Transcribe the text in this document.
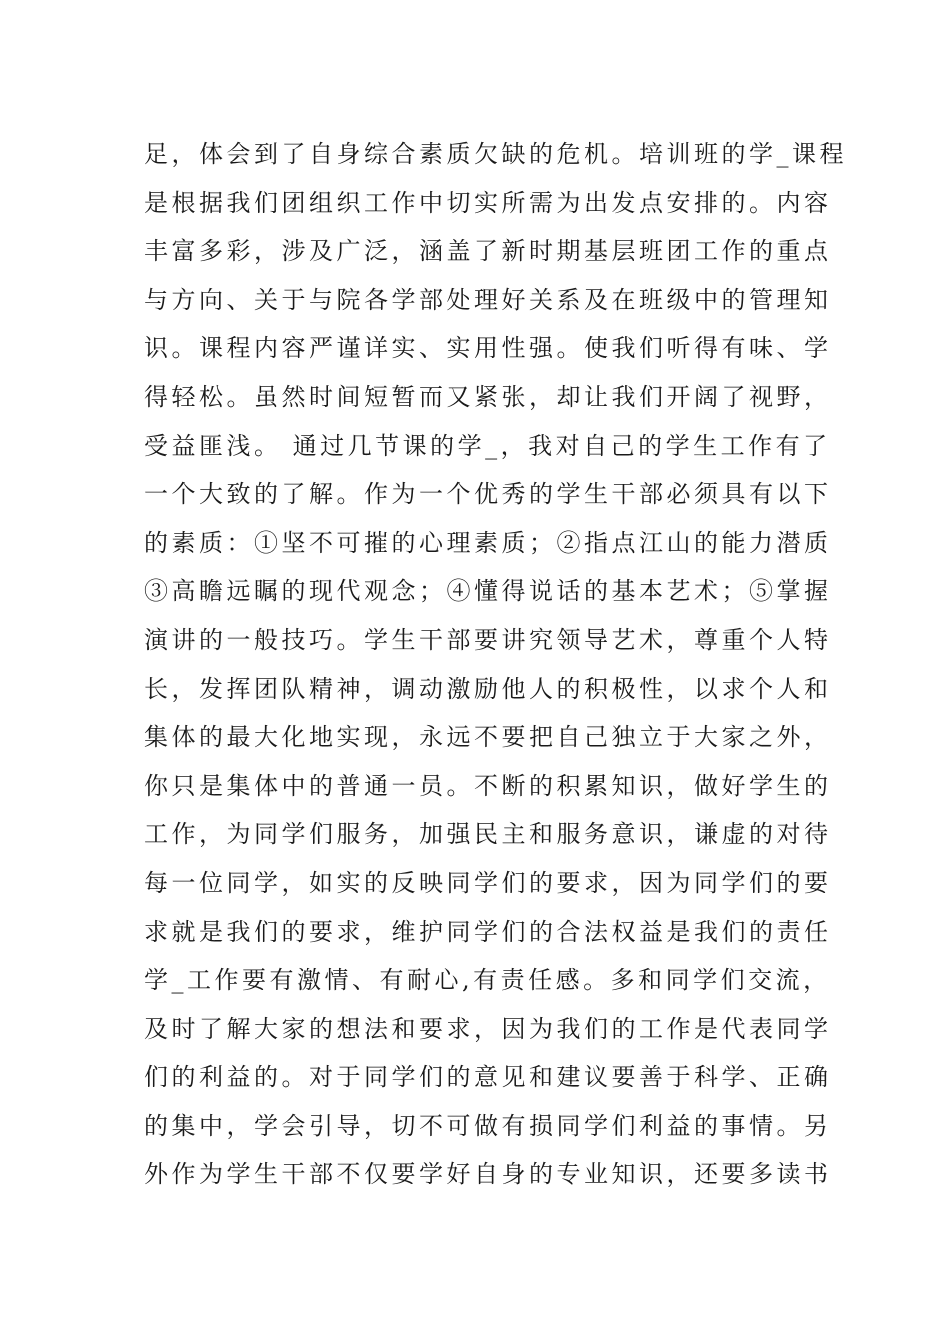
足，体会到了自身综合素质欠缺的危机。培训班的学_课程
是根据我们团组织工作中切实所需为出发点安排的。内容
丰富多彩，涉及广泛，涵盖了新时期基层班团工作的重点
与方向、关于与院各学部处理好关系及在班级中的管理知
识。课程内容严谨详实、实用性强。使我们听得有味、学
得轻松。虽然时间短暂而又紧张，却让我们开阔了视野，
受益匪浅。 通过几节课的学_，我对自己的学生工作有了
一个大致的了解。作为一个优秀的学生干部必须具有以下
的素质：①坚不可摧的心理素质；②指点江山的能力潜质
③高瞻远瞩的现代观念；④懂得说话的基本艺术；⑤掌握
演讲的一般技巧。学生干部要讲究领导艺术，尊重个人特
长，发挥团队精神，调动激励他人的积极性，以求个人和
集体的最大化地实现，永远不要把自己独立于大家之外，
你只是集体中的普通一员。不断的积累知识，做好学生的
工作，为同学们服务，加强民主和服务意识，谦虚的对待
每一位同学，如实的反映同学们的要求，因为同学们的要
求就是我们的要求，维护同学们的合法权益是我们的责任
学_工作要有激情、有耐心,有责任感。多和同学们交流，
及时了解大家的想法和要求，因为我们的工作是代表同学
们的利益的。对于同学们的意见和建议要善于科学、正确
的集中，学会引导，切不可做有损同学们利益的事情。另
外作为学生干部不仅要学好自身的专业知识，还要多读书
